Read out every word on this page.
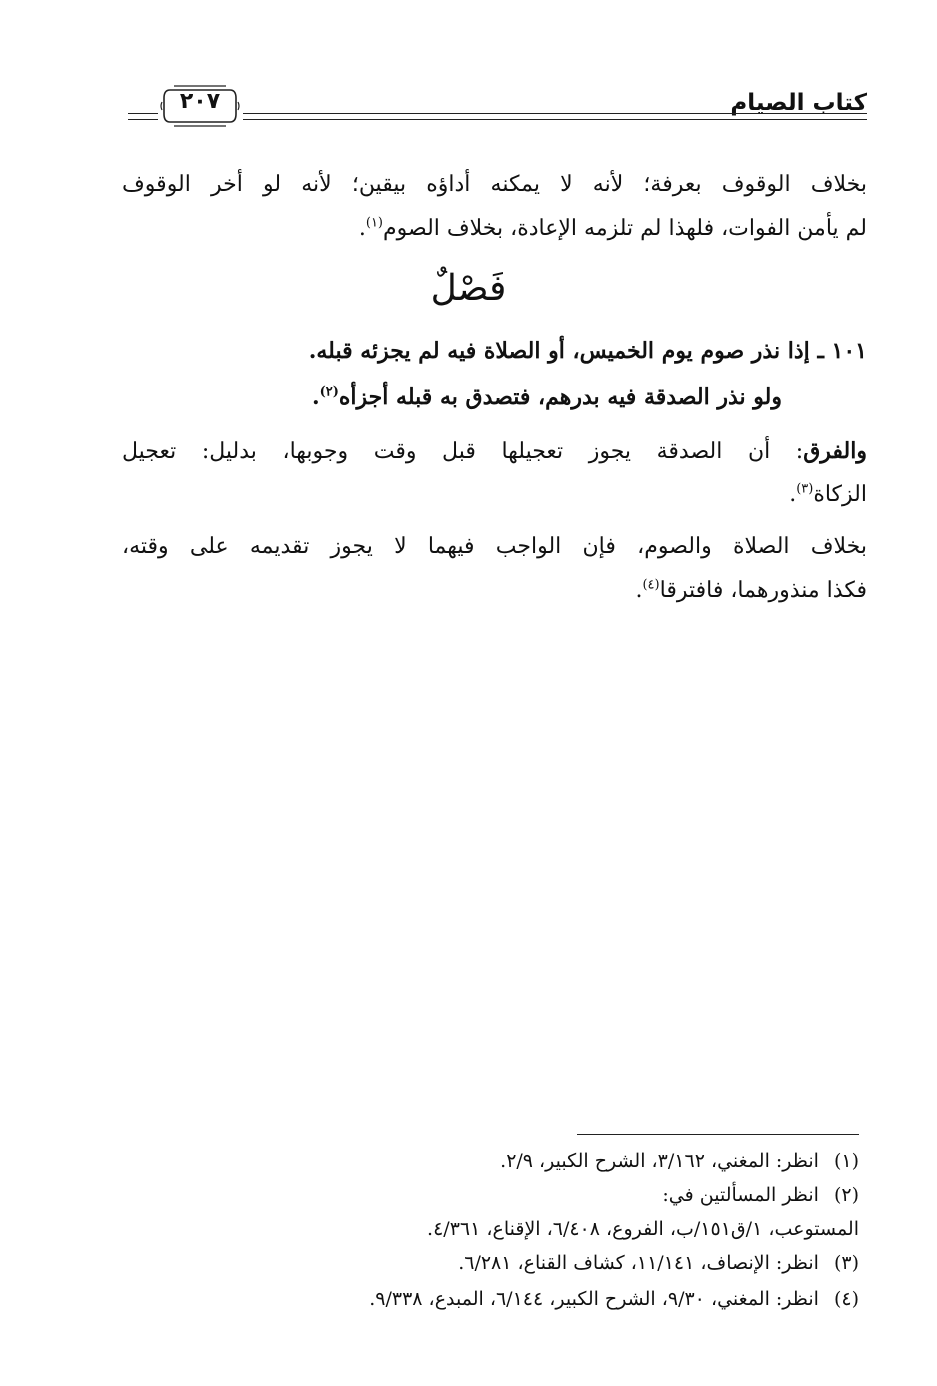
كتاب الصيام
٢٠٧
بخلاف الوقوف بعرفة؛ لأنه لا يمكنه أداؤه بيقين؛ لأنه لو أخر الوقوف
لم يأمن الفوات، فلهذا لم تلزمه الإعادة، بخلاف الصوم$^{(١)}$.
فَصْلٌ
١٠١ ـ إذا نذر صوم يوم الخميس، أو الصلاة فيه لم يجزئه قبله.
ولو نذر الصدقة فيه بدرهم، فتصدق به قبله أجزأه$^{(٢)}$.
والفرق: أن الصدقة يجوز تعجيلها قبل وقت وجوبها، بدليل: تعجيل
الزكاة$^{(٣)}$.
بخلاف الصلاة والصوم، فإن الواجب فيهما لا يجوز تقديمه على وقته،
فكذا منذورهما، فافترقا$^{(٤)}$.
(١) انظر: المغني، ٣/١٦٢، الشرح الكبير، ٢/٩.
(٢) انظر المسألتين في:
المستوعب، ١/ق١٥١/ب، الفروع، ٦/٤٠٨، الإقناع، ٤/٣٦١.
(٣) انظر: الإنصاف، ١١/١٤١، كشاف القناع، ٦/٢٨١.
(٤) انظر: المغني، ٩/٣٠، الشرح الكبير، ٦/١٤٤، المبدع، ٩/٣٣٨.
